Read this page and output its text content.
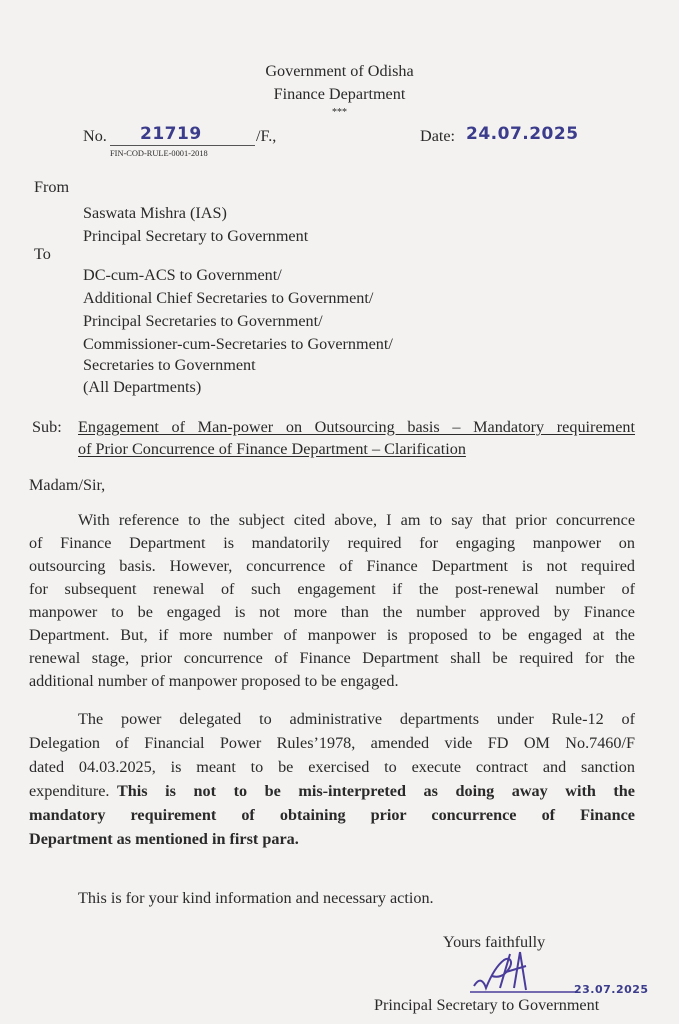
Government of Odisha
Finance Department
***
No. 21719	/F.,
FIN-COD-RULE-0001-2018
Date: 24.07.2025
From
Saswata Mishra (IAS)
Principal Secretary to Government
To
DC-cum-ACS to Government/
Additional Chief Secretaries to Government/
Principal Secretaries to Government/
Commissioner-cum-Secretaries to Government/
Secretaries to Government
(All Departments)
Sub: Engagement of Man-power on Outsourcing basis – Mandatory requirement
of Prior Concurrence of Finance Department – Clarification
Madam/Sir,
With reference to the subject cited above, I am to say that prior concurrence
of Finance Department is mandatorily required for engaging manpower on
outsourcing basis. However, concurrence of Finance Department is not required
for subsequent renewal of such engagement if the post-renewal number of
manpower to be engaged is not more than the number approved by Finance
Department. But, if more number of manpower is proposed to be engaged at the
renewal stage, prior concurrence of Finance Department shall be required for the
additional number of manpower proposed to be engaged.
The power delegated to administrative departments under Rule-12 of
Delegation of Financial Power Rules’1978, amended vide FD OM No.7460/F
dated 04.03.2025, is meant to be exercised to execute contract and sanction
expenditure. This is not to be mis-interpreted as doing away with the
mandatory requirement of obtaining prior concurrence of Finance
Department as mentioned in first para.
This is for your kind information and necessary action.
Yours faithfully
23.07.2025
Principal Secretary to Government
